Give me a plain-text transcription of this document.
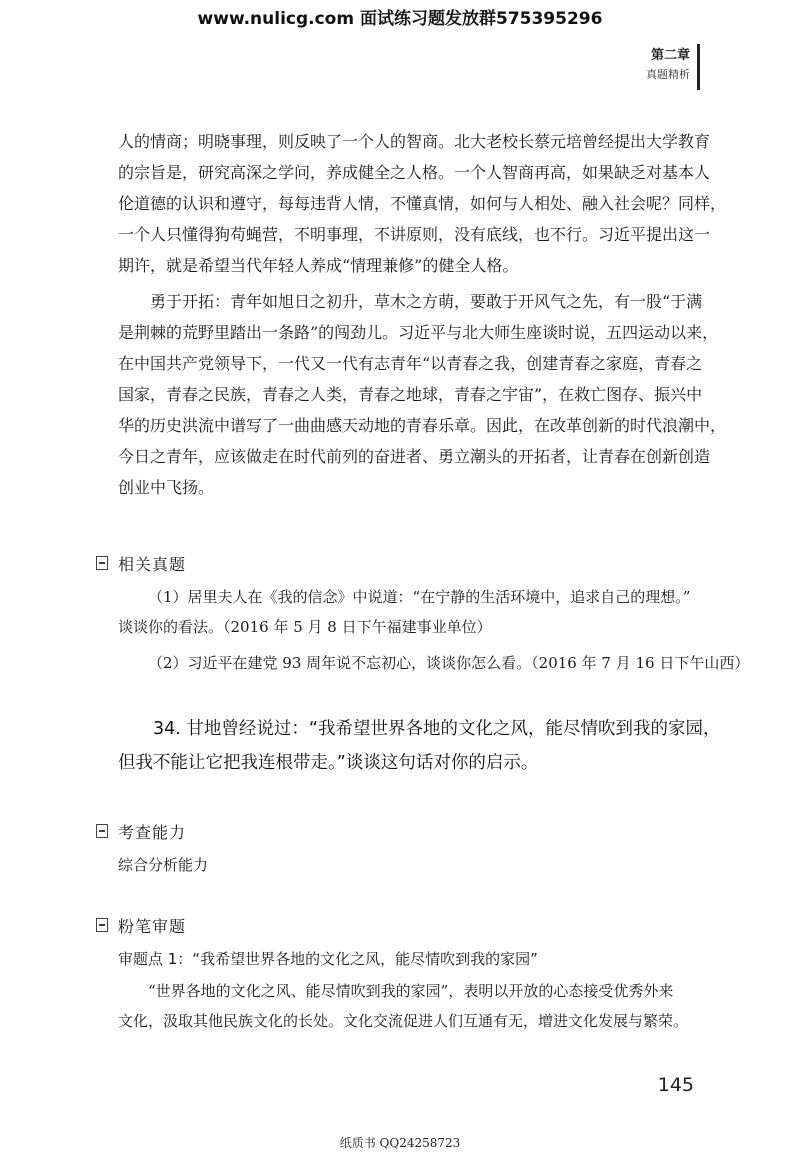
www.nulicg.com 面试练习题发放群575395296
第二章
真题精析
人的情商；明晓事理，则反映了一个人的智商。北大老校长蔡元培曾经提出大学教育
的宗旨是，研究高深之学问，养成健全之人格。一个人智商再高，如果缺乏对基本人
伦道德的认识和遵守，每每违背人情，不懂真情，如何与人相处、融入社会呢？同样，
一个人只懂得狗苟蝇营，不明事理，不讲原则，没有底线，也不行。习近平提出这一
期许，就是希望当代年轻人养成“情理兼修”的健全人格。
勇于开拓：青年如旭日之初升，草木之方萌，要敢于开风气之先，有一股“于满
是荆棘的荒野里踏出一条路”的闯劲儿。习近平与北大师生座谈时说，五四运动以来，
在中国共产党领导下，一代又一代有志青年“以青春之我，创建青春之家庭，青春之
国家，青春之民族，青春之人类，青春之地球，青春之宇宙”，在救亡图存、振兴中
华的历史洪流中谱写了一曲曲感天动地的青春乐章。因此，在改革创新的时代浪潮中，
今日之青年，应该做走在时代前列的奋进者、勇立潮头的开拓者，让青春在创新创造
创业中飞扬。
相关真题
（1）居里夫人在《我的信念》中说道：“在宁静的生活环境中，追求自己的理想。”
谈谈你的看法。（2016 年 5 月 8 日下午福建事业单位）
（2）习近平在建党 93 周年说不忘初心，谈谈你怎么看。（2016 年 7 月 16 日下午山西）
34. 甘地曾经说过：“我希望世界各地的文化之风，能尽情吹到我的家园，
但我不能让它把我连根带走。”谈谈这句话对你的启示。
考查能力
综合分析能力
粉笔审题
审题点 1：“我希望世界各地的文化之风，能尽情吹到我的家园”
“世界各地的文化之风、能尽情吹到我的家园”，表明以开放的心态接受优秀外来
文化，汲取其他民族文化的长处。文化交流促进人们互通有无，增进文化发展与繁荣。
145
纸质书 QQ24258723
